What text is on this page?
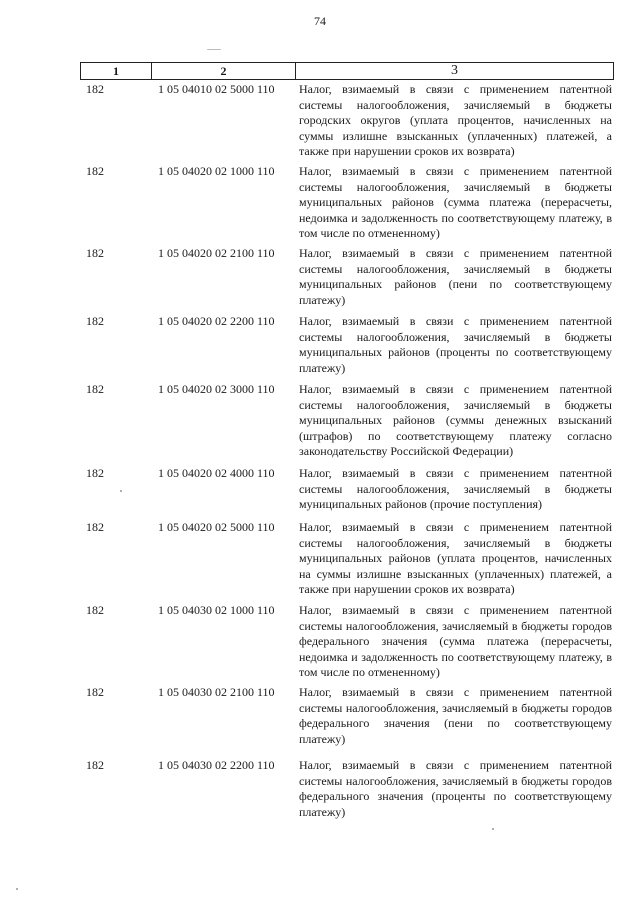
74
1	2	3
182	1 05 04010 02 5000 110	Налог, взимаемый в связи с применением патентной системы налогообложения, зачисляемый в бюджеты городских округов (уплата процентов, начисленных на суммы излишне взысканных (уплаченных) платежей, а также при нарушении сроков их возврата)
182	1 05 04020 02 1000 110	Налог, взимаемый в связи с применением патентной системы налогообложения, зачисляемый в бюджеты муниципальных районов (сумма платежа (перерасчеты, недоимка и задолженность по соответствующему платежу, в том числе по отмененному)
182	1 05 04020 02 2100 110	Налог, взимаемый в связи с применением патентной системы налогообложения, зачисляемый в бюджеты муниципальных районов (пени по соответствующему платежу)
182	1 05 04020 02 2200 110	Налог, взимаемый в связи с применением патентной системы налогообложения, зачисляемый в бюджеты муниципальных районов (проценты по соответствующему платежу)
182	1 05 04020 02 3000 110	Налог, взимаемый в связи с применением патентной системы налогообложения, зачисляемый в бюджеты муниципальных районов (суммы денежных взысканий (штрафов) по соответствующему платежу согласно законодательству Российской Федерации)
182	1 05 04020 02 4000 110	Налог, взимаемый в связи с применением патентной системы налогообложения, зачисляемый в бюджеты муниципальных районов (прочие поступления)
182	1 05 04020 02 5000 110	Налог, взимаемый в связи с применением патентной системы налогообложения, зачисляемый в бюджеты муниципальных районов (уплата процентов, начисленных на суммы излишне взысканных (уплаченных) платежей, а также при нарушении сроков их возврата)
182	1 05 04030 02 1000 110	Налог, взимаемый в связи с применением патентной системы налогообложения, зачисляемый в бюджеты городов федерального значения (сумма платежа (перерасчеты, недоимка и задолженность по соответствующему платежу, в том числе по отмененному)
182	1 05 04030 02 2100 110	Налог, взимаемый в связи с применением патентной системы налогообложения, зачисляемый в бюджеты городов федерального значения (пени по соответствующему платежу)
182	1 05 04030 02 2200 110	Налог, взимаемый в связи с применением патентной системы налогообложения, зачисляемый в бюджеты городов федерального значения (проценты по соответствующему платежу)
